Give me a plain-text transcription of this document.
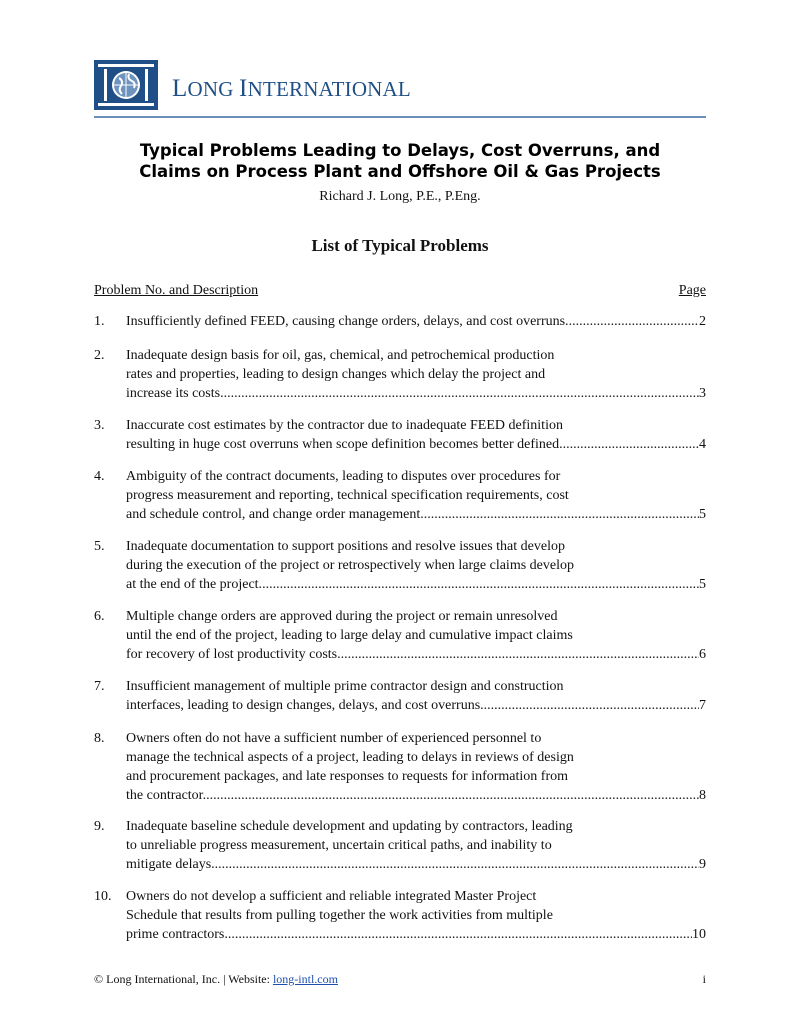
LONG INTERNATIONAL
Typical Problems Leading to Delays, Cost Overruns, and
Claims on Process Plant and Offshore Oil & Gas Projects
Richard J. Long, P.E., P.Eng.
List of Typical Problems
Problem No. and Description	Page
1. Insufficiently defined FEED, causing change orders, delays, and cost overruns. .....	2
2. Inadequate design basis for oil, gas, chemical, and petrochemical production
rates and properties, leading to design changes which delay the project and
increase its costs. .....	3
3. Inaccurate cost estimates by the contractor due to inadequate FEED definition
resulting in huge cost overruns when scope definition becomes better defined. .....	4
4. Ambiguity of the contract documents, leading to disputes over procedures for
progress measurement and reporting, technical specification requirements, cost
and schedule control, and change order management. .....	5
5. Inadequate documentation to support positions and resolve issues that develop
during the execution of the project or retrospectively when large claims develop
at the end of the project. .....	5
6. Multiple change orders are approved during the project or remain unresolved
until the end of the project, leading to large delay and cumulative impact claims
for recovery of lost productivity costs. .....	6
7. Insufficient management of multiple prime contractor design and construction
interfaces, leading to design changes, delays, and cost overruns. .....	7
8. Owners often do not have a sufficient number of experienced personnel to
manage the technical aspects of a project, leading to delays in reviews of design
and procurement packages, and late responses to requests for information from
the contractor. .....	8
9. Inadequate baseline schedule development and updating by contractors, leading
to unreliable progress measurement, uncertain critical paths, and inability to
mitigate delays. .....	9
10. Owners do not develop a sufficient and reliable integrated Master Project
Schedule that results from pulling together the work activities from multiple
prime contractors. .....	10
© Long International, Inc. | Website: long-intl.com	i
